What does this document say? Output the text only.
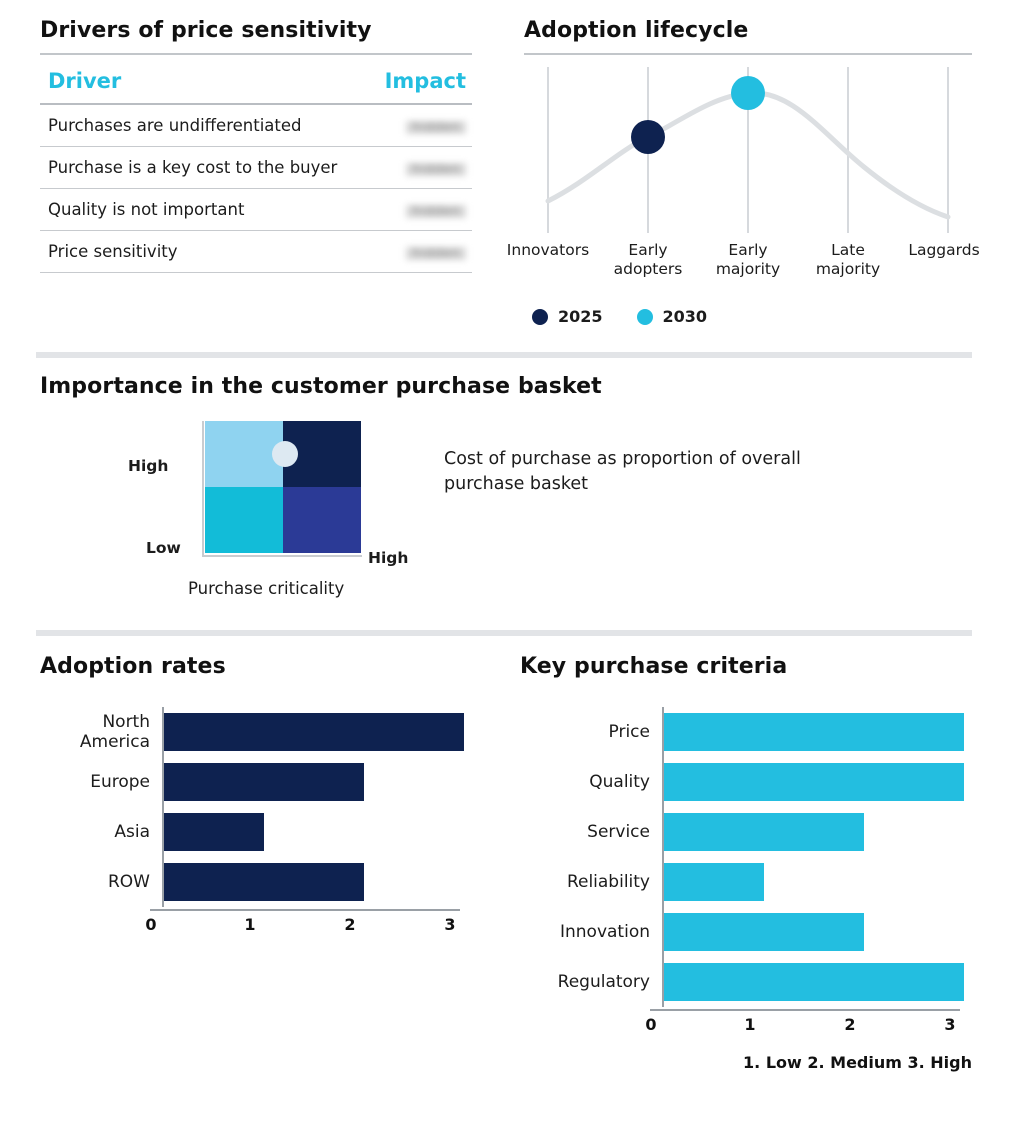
Drivers of price sensitivity
Driver	Impact
Purchases are undifferentiated	hidden
Purchase is a key cost to the buyer	hidden
Quality is not important	hidden
Price sensitivity	hidden
Adoption lifecycle
Innovators	Early
adopters
Early
majority
Late
majority
Laggards
2025	2030
Importance in the customer purchase basket
High
Low
High
Purchase criticality
Cost of purchase as proportion of overall purchase basket
Adoption rates
North
America
Europe
Asia
ROW
0	1	2	3
Key purchase criteria
Price
Quality
Service
Reliability
Innovation
Regulatory
0	1	2	3
1. Low 2. Medium 3. High
